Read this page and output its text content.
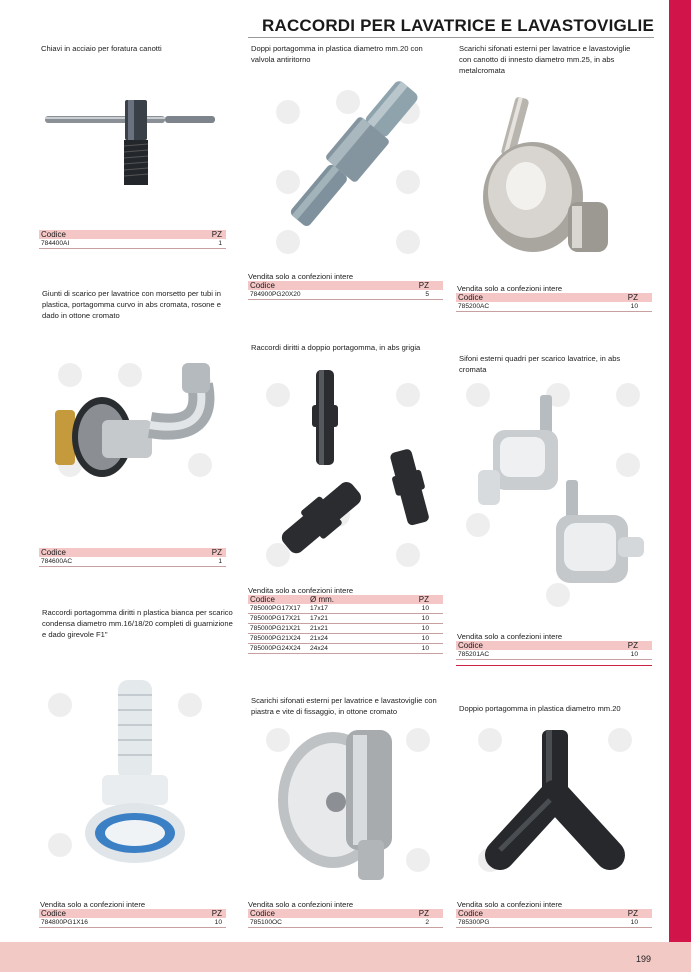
199
RACCORDI PER LAVATRICE E LAVASTOVIGLIE
Chiavi in acciaio per foratura canotti
Codice	PZ
784400AI	1
Doppi portagomma in plastica diametro mm.20 con valvola antiritorno
Vendita solo a confezioni intere
Codice	PZ
784900PG20X20	5
Scarichi sifonati esterni per lavatrice e lavastoviglie con canotto di innesto diametro mm.25, in abs metalcromata
Vendita solo a confezioni intere
Codice	PZ
785200AC	10
Giunti di scarico per lavatrice con morsetto per tubi in plastica, portagomma curvo in abs cromata, rosone e dado in ottone cromato
Codice	PZ
784600AC	1
Raccordi diritti a doppio portagomma, in abs grigia
Vendita solo a confezioni intere
Codice	Ø mm.	PZ
785000PG17X17	17x17	10
785000PG17X21	17x21	10
785000PG21X21	21x21	10
785000PG21X24	21x24	10
785000PG24X24	24x24	10
Sifoni esterni quadri per scarico lavatrice, in abs cromata
Vendita solo a confezioni intere
Codice	PZ
785201AC	10
Raccordi portagomma diritti n plastica bianca per scarico condensa diametro mm.16/18/20 completi di guarnizione e dado girevole F1"
Vendita solo a confezioni intere
Codice	PZ
784800PG1X16	10
Scarichi sifonati esterni per lavatrice e lavastoviglie con piastra e vite di fissaggio, in ottone cromato
Vendita solo a confezioni intere
Codice	PZ
785100OC	2
Doppio portagomma in plastica diametro mm.20
Vendita solo a confezioni intere
Codice	PZ
785300PG	10
